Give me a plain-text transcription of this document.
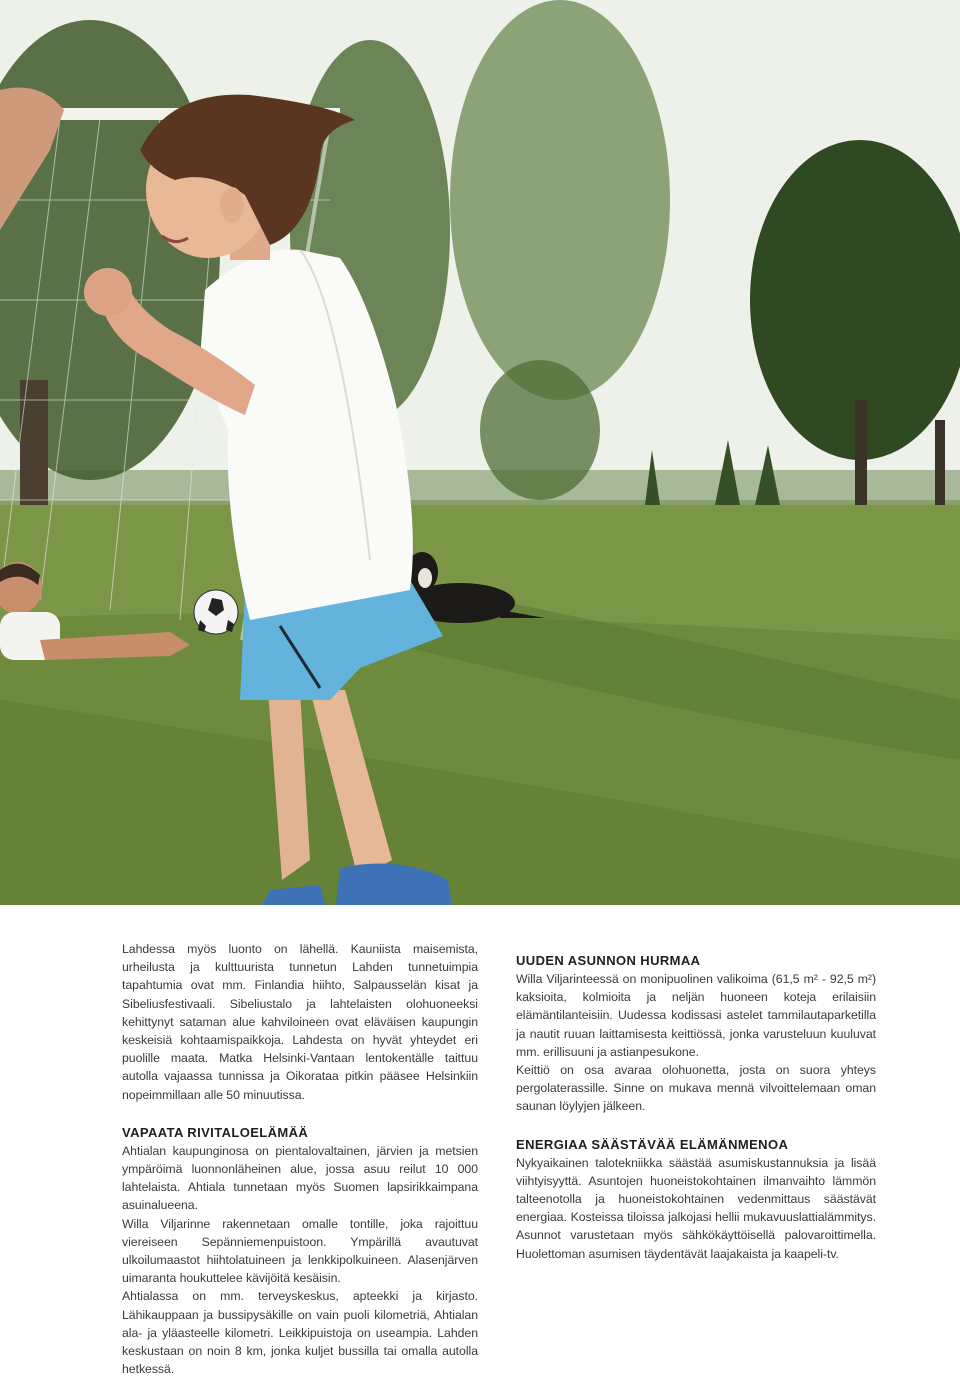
Lahdessa myös luonto on lähellä. Kauniista maisemista, urheilusta ja kulttuurista tunnetun Lahden tunnetuimpia tapahtumia ovat mm. Finlandia hiihto, Salpausselän kisat ja Sibeliusfestivaali. Sibeliustalo ja lahtelaisten olohuoneeksi kehittynyt sataman alue kahviloineen ovat eläväisen kaupungin keskeisiä kohtaamispaikkoja. Lahdesta on hyvät yhteydet eri puolille maata. Matka Helsinki-Vantaan lentokentälle taittuu autolla vajaassa tunnissa ja Oikorataa pitkin pääsee Helsinkiin nopeimmillaan alle 50 minuutissa.

VAPAATA RIVITALOELÄMÄÄ

Ahtialan kaupunginosa on pientalovaltainen, järvien ja metsien ympäröimä luonnonläheinen alue, jossa asuu reilut 10 000 lahtelaista. Ahtiala tunnetaan myös Suomen lapsirikkaimpana asuinalueena.

Willa Viljarinne rakennetaan omalle tontille, joka rajoittuu viereiseen Sepänniemenpuistoon. Ympärillä avautuvat ulkoilumaastot hiihtolatuineen ja lenkkipolkuineen. Alasenjärven uimaranta houkuttelee kävijöitä kesäisin.

Ahtialassa on mm. terveyskeskus, apteekki ja kirjasto. Lähikauppaan ja bussipysäkille on vain puoli kilometriä, Ahtialan ala- ja yläasteelle kilometri. Leikkipuistoja on useampia. Lahden keskustaan on noin 8 km, jonka kuljet bussilla tai omalla autolla hetkessä.

UUDEN ASUNNON HURMAA

Willa Viljarinteessä on monipuolinen valikoima (61,5 m² - 92,5 m²) kaksioita, kolmioita ja neljän huoneen koteja erilaisiin elämäntilanteisiin. Uudessa kodissasi astelet tammilautaparketilla ja nautit ruuan laittamisesta keittiössä, jonka varusteluun kuuluvat mm. erillisuuni ja astianpesukone.

Keittiö on osa avaraa olohuonetta, josta on suora yhteys pergolaterassille. Sinne on mukava mennä vilvoittelemaan oman saunan löylyjen jälkeen.

ENERGIAA SÄÄSTÄVÄÄ ELÄMÄNMENOA

Nykyaikainen talotekniikka säästää asumiskustannuksia ja lisää viihtyisyyttä. Asuntojen huoneistokohtainen ilmanvaihto lämmön talteenotolla ja huoneistokohtainen vedenmittaus säästävät energiaa. Kosteissa tiloissa jalkojasi hellii mukavuuslattialämmitys. Asunnot varustetaan myös sähkökäyttöisellä palovaroittimella. Huolettoman asumisen täydentävät laajakaista ja kaapeli-tv.
